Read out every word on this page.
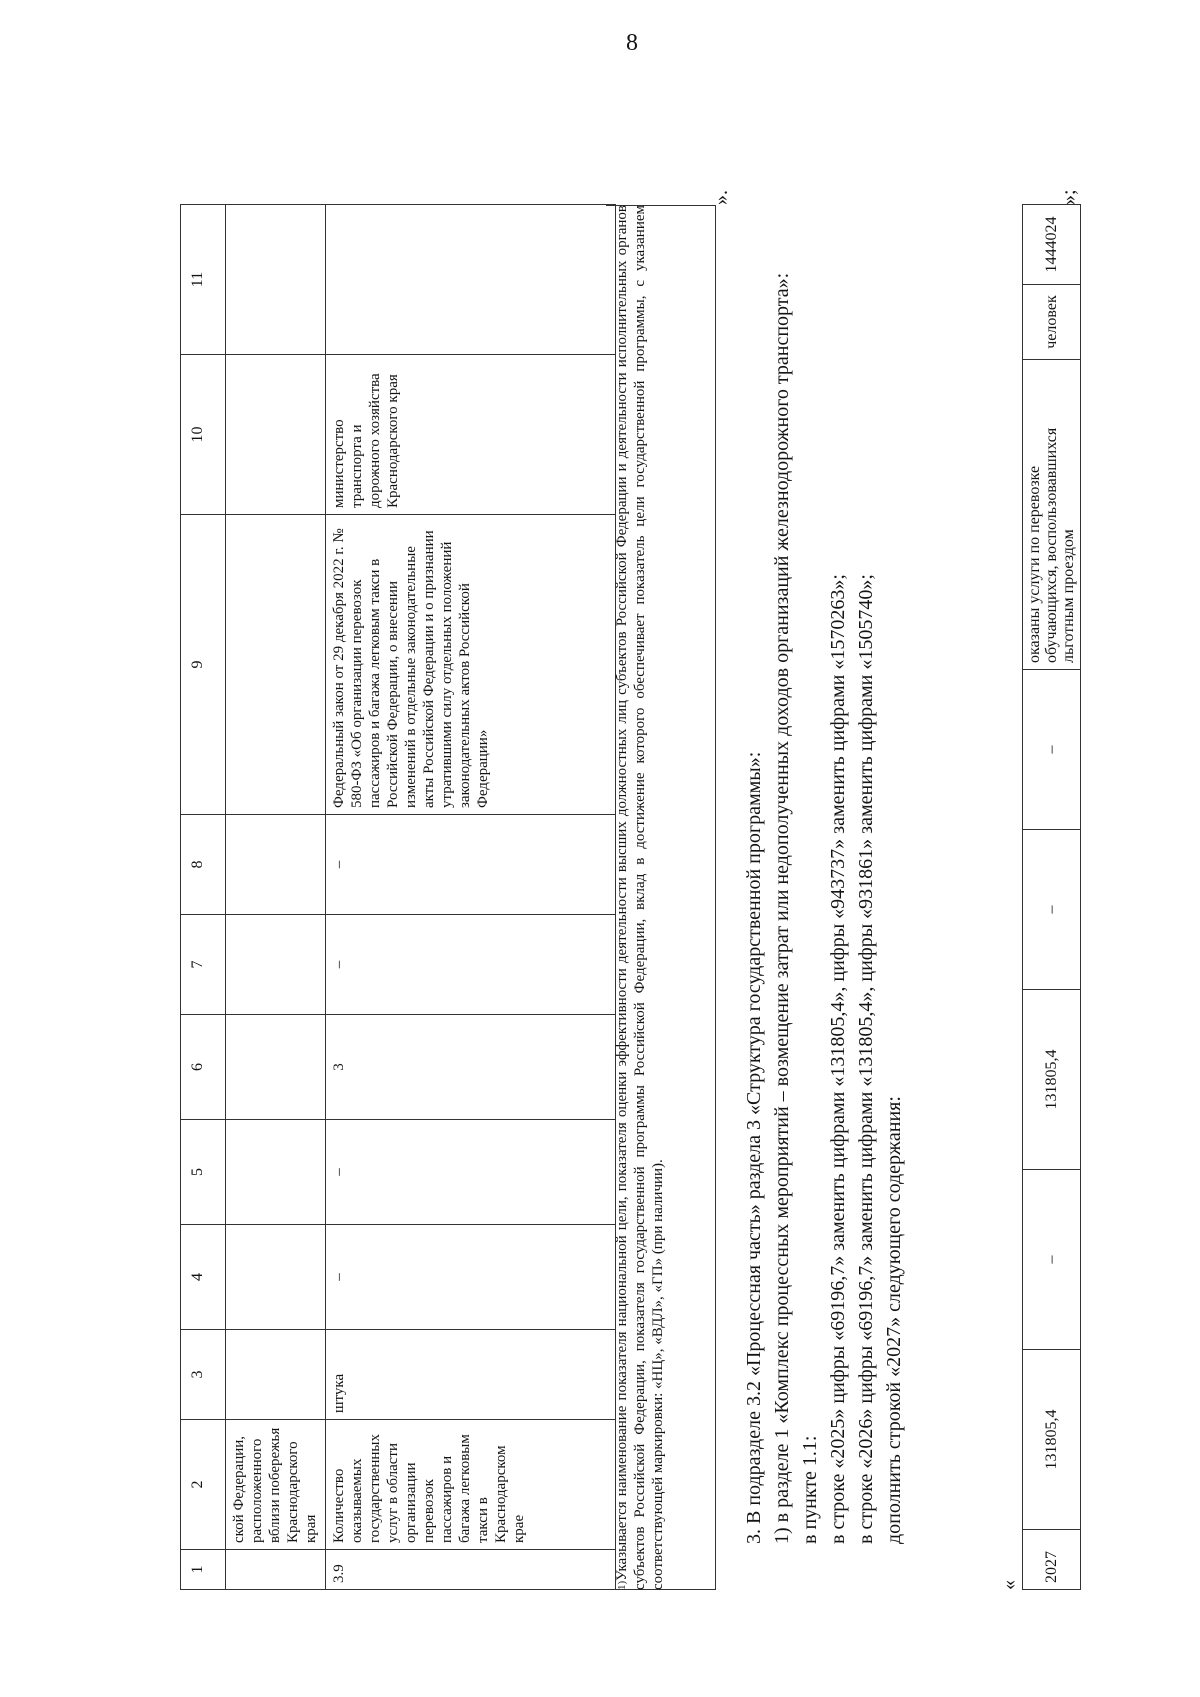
8
1	2	3	4	5	6	7	8	9	10	11
	ской Федерации, расположенного вблизи побережья Краснодарского края									
3.9	Количество оказываемых государственных услуг в области организации перевозок пассажиров и багажа легковым такси в Краснодарском крае	штука	–	–	3	–	–	Федеральный закон от 29 декабря 2022 г. № 580-ФЗ «Об организации перевозок пассажиров и багажа легковым такси в Российской Федерации, о внесении изменений в отдельные законодательные акты Российской Федерации и о признании утратившими силу отдельных положений законодательных актов Российской Федерации»	министерство транспорта и дорожного хозяйства Краснодарского края	
$^{1)}$Указывается наименование показателя национальной цели, показателя оценки эффективности деятельности высших должностных лиц субъектов Российской Федерации и деятельности исполнительных органов субъектов Российской Федерации, показателя государственной программы Российской Федерации, вклад в достижение которого обеспечивает показатель цели государственной программы, с указанием соответствующей маркировки: «НЦ», «ВДЛ», «ГП» (при наличии).
».

3. В подразделе 3.2 «Процессная часть» раздела 3 «Структура государственной программы»: 1) в разделе 1 «Комплекс процессных мероприятий – возмещение затрат или недополученных доходов организаций железнодорожного транспорта»: в пункте 1.1: в строке «2025» цифры «69196,7» заменить цифрами «131805,4», цифры «943737» заменить цифрами «1570263»; в строке «2026» цифры «69196,7» заменить цифрами «131805,4», цифры «931861» заменить цифрами «1505740»; дополнить строкой «2027» следующего содержания:

«
2027	131805,4	–	131805,4	–	–	оказаны услуги по перевозке обучающихся, воспользовавшихся льготным проездом	человек	1444024
»;
